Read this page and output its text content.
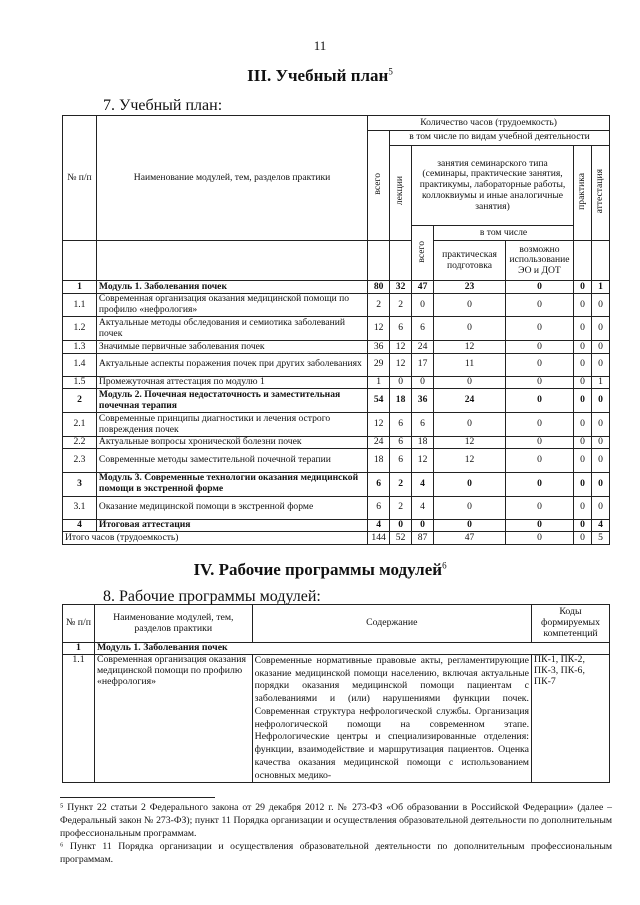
11
III. Учебный план$^5$
7. Учебный план:
№ п/п	Наименование модулей, тем, разделов практики	Количество часов (трудоемкость)						
		всего	в том числе по видам учебной деятельности					
			лекции	занятия семинарского типа (семинары, практические занятия, практикумы, лабораторные работы, коллоквиумы и иные аналогичные занятия)			практика	аттестация
				всего	в том числе			
					практическая подготовка	возможно использование ЭО и ДОТ		
1	Модуль 1. Заболевания почек	80	32	47	23	0	0	1
1.1	Современная организация оказания медицинской помощи по профилю «нефрология»	2	2	0	0	0	0	0
1.2	Актуальные методы обследования и семиотика заболеваний почек	12	6	6	0	0	0	0
1.3	Значимые первичные заболевания почек	36	12	24	12	0	0	0
1.4	Актуальные аспекты поражения почек при других заболеваниях	29	12	17	11	0	0	0
1.5	Промежуточная аттестация по модулю 1	1	0	0	0	0	0	1
2	Модуль 2. Почечная недостаточность и заместительная почечная терапия	54	18	36	24	0	0	0
2.1	Современные принципы диагностики и лечения острого повреждения почек	12	6	6	0	0	0	0
2.2	Актуальные вопросы хронической болезни почек	24	6	18	12	0	0	0
2.3	Современные методы заместительной почечной терапии	18	6	12	12	0	0	0
3	Модуль 3. Современные технологии оказания медицинской помощи в экстренной форме	6	2	4	0	0	0	0
3.1	Оказание медицинской помощи в экстренной форме	6	2	4	0	0	0	0
4	Итоговая аттестация	4	0	0	0	0	0	4
Итого часов (трудоемкость)		144	52	87	47	0	0	5
IV. Рабочие программы модулей$^6$
8. Рабочие программы модулей:
№ п/п	Наименование модулей, тем, разделов практики	Содержание	Коды формируемых компетенций
1	Модуль 1. Заболевания почек		
1.1	Современная организация оказания медицинской помощи по профилю «нефрология»	Современные нормативные правовые акты, регламентирующие оказание медицинской помощи населению, включая актуальные порядки оказания медицинской помощи пациентам с заболеваниями и (или) нарушениями функции почек. Современная структура нефрологической службы. Организация нефрологической помощи на современном этапе. Нефрологические центры и специализированные отделения: функции, взаимодействие и маршрутизация пациентов. Оценка качества оказания медицинской помощи с использованием основных медико-	ПК-1, ПК-2, ПК-3, ПК-6, ПК-7
⁵ Пункт 22 статьи 2 Федерального закона от 29 декабря 2012 г. № 273-ФЗ «Об образовании в Российской Федерации» (далее – Федеральный закон № 273-ФЗ); пункт 11 Порядка организации и осуществления образовательной деятельности по дополнительным профессиональным программам.
⁶ Пункт 11 Порядка организации и осуществления образовательной деятельности по дополнительным профессиональным программам.
